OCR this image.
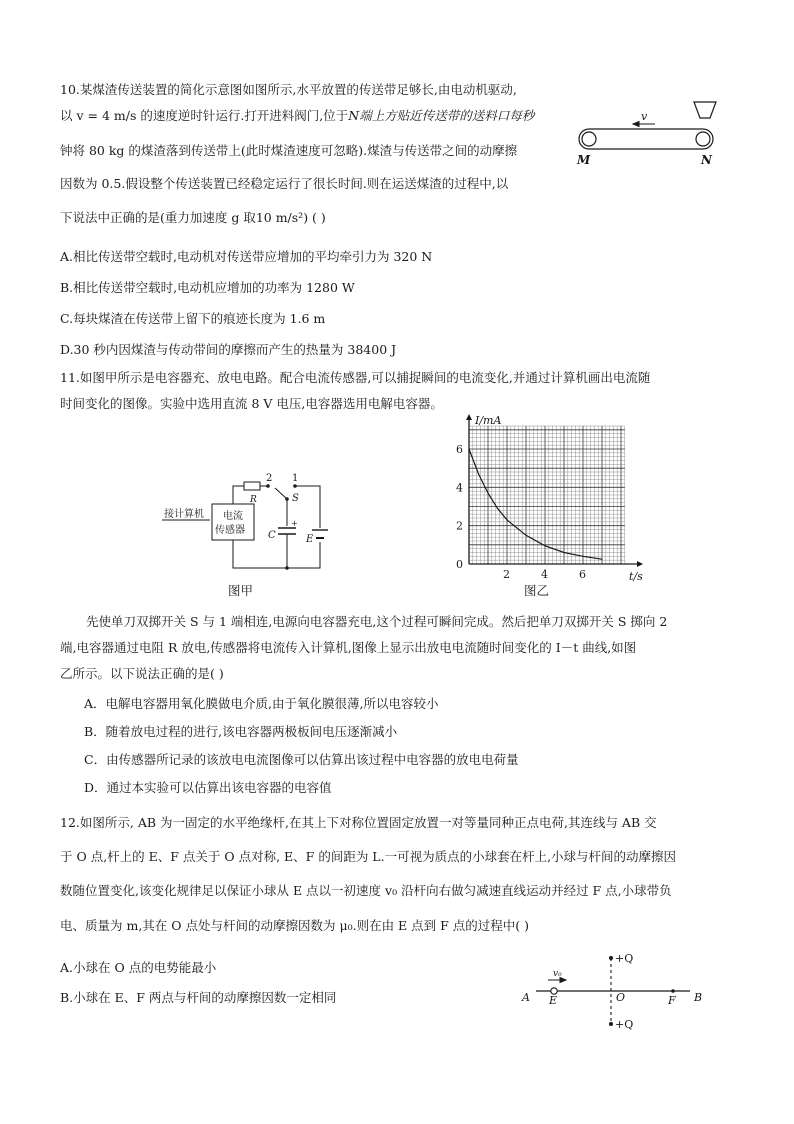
10.某煤渣传送装置的简化示意图如图所示,水平放置的传送带足够长,由电动机驱动,
以 v = 4 m/s 的速度逆时针运行.打开进料阀门,位于N端上方贴近传送带的送料口每秒
钟将 80 kg 的煤渣落到传送带上(此时煤渣速度可忽略).煤渣与传送带之间的动摩擦
因数为 0.5.假设整个传送装置已经稳定运行了很长时间.则在运送煤渣的过程中,以
下说法中正确的是(重力加速度 g 取10 m/s²) ( )
A.相比传送带空载时,电动机对传送带应增加的平均牵引力为 320 N
B.相比传送带空载时,电动机应增加的功率为 1280 W
C.每块煤渣在传送带上留下的痕迹长度为 1.6 m
D.30 秒内因煤渣与传动带间的摩擦而产生的热量为 38400 J
v
M	N
11.如图甲所示是电容器充、放电电路。配合电流传感器,可以捕捉瞬间的电流变化,并通过计算机画出电流随
时间变化的图像。实验中选用直流 8 V 电压,电容器选用电解电容器。
接计算机 电流
传感器
R
2 1
S
+
C	E
图甲
2	4	6
2
4
6
0
I/mA
t/s
图乙
先使单刀双掷开关 S 与 1 端相连,电源向电容器充电,这个过程可瞬间完成。然后把单刀双掷开关 S 掷向 2
端,电容器通过电阻 R 放电,传感器将电流传入计算机,图像上显示出放电电流随时间变化的 I－t 曲线,如图
乙所示。以下说法正确的是( )
A．电解电容器用氧化膜做电介质,由于氧化膜很薄,所以电容较小
B．随着放电过程的进行,该电容器两极板间电压逐渐减小
C．由传感器所记录的该放电电流图像可以估算出该过程中电容器的放电电荷量
D．通过本实验可以估算出该电容器的电容值
12.如图所示, AB 为一固定的水平绝缘杆,在其上下对称位置固定放置一对等量同种正点电荷,其连线与 AB 交
于 O 点,杆上的 E、F 点关于 O 点对称, E、F 的间距为 L.一可视为质点的小球套在杆上,小球与杆间的动摩擦因
数随位置变化,该变化规律足以保证小球从 E 点以一初速度 v₀ 沿杆向右做匀减速直线运动并经过 F 点,小球带负
电、质量为 m,其在 O 点处与杆间的动摩擦因数为 μ₀.则在由 E 点到 F 点的过程中( )
A.小球在 O 点的电势能最小
B.小球在 E、F 两点与杆间的动摩擦因数一定相同
v₀
+Q
+Q
A E	O	F B
